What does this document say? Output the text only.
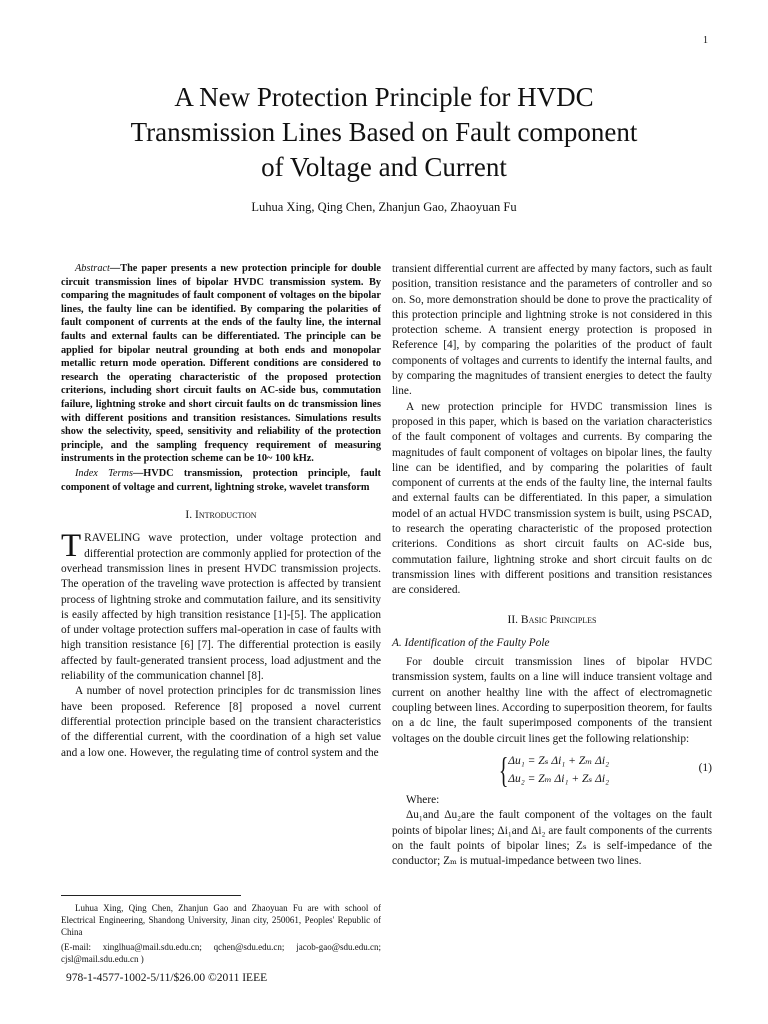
1
A New Protection Principle for HVDC
Transmission Lines Based on Fault component
of Voltage and Current
Luhua Xing, Qing Chen, Zhanjun Gao, Zhaoyuan Fu

Abstract—The paper presents a new protection principle for double circuit transmission lines of bipolar HVDC transmission system. By comparing the magnitudes of fault component of voltages on the bipolar lines, the faulty line can be identified. By comparing the polarities of fault component of currents at the ends of the faulty line, the internal faults and external faults can be differentiated. The principle can be applied for bipolar neutral grounding at both ends and monopolar metallic return mode operation. Different conditions are considered to research the operating characteristic of the proposed protection criterions, including short circuit faults on AC-side bus, commutation failure, lightning stroke and short circuit faults on dc transmission lines with different positions and transition resistances. Simulations results show the selectivity, speed, sensitivity and reliability of the protection principle, and the sampling frequency requirement of measuring instruments in the protection scheme can be 10~ 100 kHz.

Index Terms—HVDC transmission, protection principle, fault component of voltage and current, lightning stroke, wavelet transform

I. Introduction

TRAVELING wave protection, under voltage protection and differential protection are commonly applied for protection of the overhead transmission lines in present HVDC transmission projects. The operation of the traveling wave protection is affected by transient process of lightning stroke and commutation failure, and its sensitivity is easily affected by high transition resistance [1]-[5]. The application of under voltage protection suffers mal-operation in case of faults with high transition resistance [6] [7]. The differential protection is easily affected by fault-generated transient process, load adjustment and the reliability of the communication channel [8].

A number of novel protection principles for dc transmission lines have been proposed. Reference [8] proposed a novel current differential protection principle based on the transient characteristics of the differential current, with the coordination of a high set value and a low one. However, the regulating time of control system and the

transient differential current are affected by many factors, such as fault position, transition resistance and the parameters of controller and so on. So, more demonstration should be done to prove the practicality of this protection principle and lightning stroke is not considered in this protection scheme. A transient energy protection is proposed in Reference [4], by comparing the polarities of the product of fault components of voltages and currents to identify the internal faults, and by comparing the magnitudes of transient energies to detect the faulty line.

A new protection principle for HVDC transmission lines is proposed in this paper, which is based on the variation characteristics of the fault component of voltages and currents. By comparing the magnitudes of fault component of voltages on bipolar lines, the faulty line can be identified, and by comparing the polarities of fault component of currents at the ends of the faulty line, the internal faults and external faults can be differentiated. In this paper, a simulation model of an actual HVDC transmission system is built, using PSCAD, to research the operating characteristic of the proposed protection criterions. Conditions as short circuit faults on AC-side bus, commutation failure, lightning stroke and short circuit faults on dc transmission lines with different positions and transition resistances are considered.

II. Basic Principles

A. Identification of the Faulty Pole

For double circuit transmission lines of bipolar HVDC transmission system, faults on a line will induce transient voltage and current on another healthy line with the affect of electromagnetic coupling between lines. According to superposition theorem, for faults on a dc line, the fault superimposed components of the transient voltages on the double circuit lines get the following relationship:

{ Δu₁ = Zₛ Δi₁ + Zₘ Δi₂
Δu₂ = Zₘ Δi₁ + Zₛ Δi₂
(1)

Where:

Δu₁and Δu₂are the fault component of the voltages on the fault points of bipolar lines; Δi₁and Δi₂ are fault components of the currents on the fault points of bipolar lines; Zₛ is self-impedance of the conductor; Zₘ is mutual-impedance between two lines.

Luhua Xing, Qing Chen, Zhanjun Gao and Zhaoyuan Fu are with school of Electrical Engineering, Shandong University, Jinan city, 250061, Peoples' Republic of China

(E-mail: xinglhua@mail.sdu.edu.cn; qchen@sdu.edu.cn; jacob-gao@sdu.edu.cn; cjsl@mail.sdu.edu.cn )

978-1-4577-1002-5/11/$26.00 ©2011 IEEE
